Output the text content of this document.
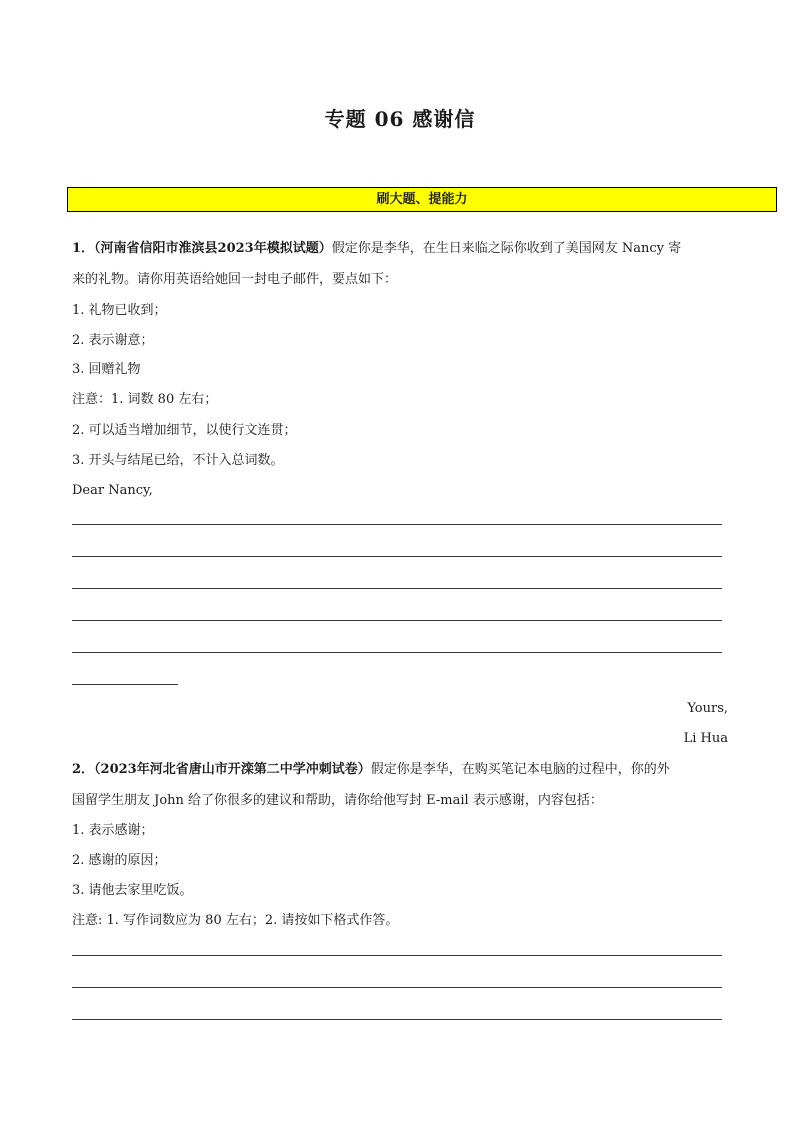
专题 06 感谢信
刷大题、提能力
1．（河南省信阳市淮滨县2023年模拟试题）假定你是李华，在生日来临之际你收到了美国网友 Nancy 寄
来的礼物。请你用英语给她回一封电子邮件，要点如下：
1. 礼物已收到；
2. 表示谢意；
3. 回赠礼物
注意：1. 词数 80 左右；
2. 可以适当增加细节，以使行文连贯；
3. 开头与结尾已给，不计入总词数。
Dear Nancy,
Yours,
Li Hua
2．（2023年河北省唐山市开滦第二中学冲刺试卷）假定你是李华，在购买笔记本电脑的过程中，你的外
国留学生朋友 John 给了你很多的建议和帮助，请你给他写封 E-mail 表示感谢，内容包括：
1. 表示感谢；
2. 感谢的原因；
3. 请他去家里吃饭。
注意: 1. 写作词数应为 80 左右；2. 请按如下格式作答。
